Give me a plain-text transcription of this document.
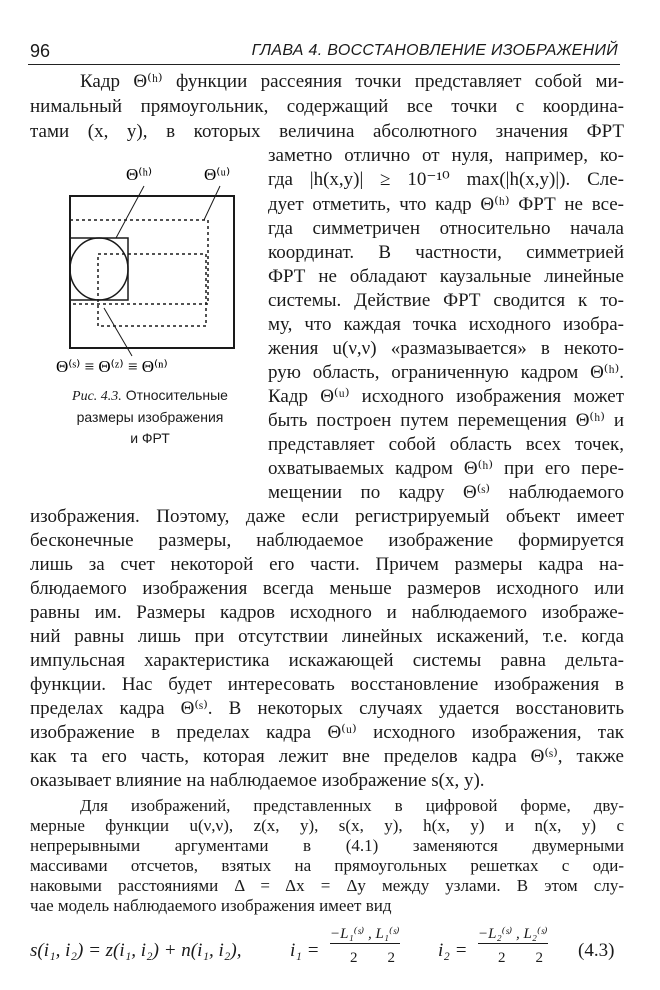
96	ГЛАВА 4. ВОССТАНОВЛЕНИЕ ИЗОБРАЖЕНИЙ
Кадр Θ⁽ʰ⁾ функции рассеяния точки представляет собой ми-
нимальный прямоугольник, содержащий все точки с координа-
тами (x, y), в которых величина абсолютного значения ФРТ
заметно отлично от нуля, например, ко-
гда |h(x,y)| ≥ 10⁻¹⁰ max(|h(x,y)|). Сле-
дует отметить, что кадр Θ⁽ʰ⁾ ФРТ не все-
гда симметричен относительно начала
координат. В частности, симметрией
ФРТ не обладают каузальные линейные
системы. Действие ФРТ сводится к то-
му, что каждая точка исходного изобра-
жения u(ν,ν) «размазывается» в некото-
рую область, ограниченную кадром Θ⁽ʰ⁾.
Кадр Θ⁽ᵘ⁾ исходного изображения может
быть построен путем перемещения Θ⁽ʰ⁾ и
представляет собой область всех точек,
охватываемых кадром Θ⁽ʰ⁾ при его пере-
мещении по кадру Θ⁽ˢ⁾ наблюдаемого
изображения. Поэтому, даже если регистрируемый объект имеет
бесконечные размеры, наблюдаемое изображение формируется
лишь за счет некоторой его части. Причем размеры кадра на-
блюдаемого изображения всегда меньше размеров исходного или
равны им. Размеры кадров исходного и наблюдаемого изображе-
ний равны лишь при отсутствии линейных искажений, т.е. когда
импульсная характеристика искажающей системы равна дельта-
функции. Нас будет интересовать восстановление изображения в
пределах кадра Θ⁽ˢ⁾. В некоторых случаях удается восстановить
изображение в пределах кадра Θ⁽ᵘ⁾ исходного изображения, так
как та его часть, которая лежит вне пределов кадра Θ⁽ˢ⁾, также
оказывает влияние на наблюдаемое изображение s(x, y).
Для изображений, представленных в цифровой форме, дву-
мерные функции u(ν,ν), z(x, y), s(x, y), h(x, y) и n(x, y) с
Θ⁽ʰ⁾	Θ⁽ᵘ⁾
Θ⁽ˢ⁾ ≡ Θ⁽ᶻ⁾ ≡ Θ⁽ⁿ⁾
Рис. 4.3. Относительные
размеры изображения
и ФРТ
непрерывными аргументами в (4.1) заменяются двумерными
s(i₁, i₂) = z(i₁, i₂) + n(i₁, i₂),	i₁ =
−L₁⁽ˢ⁾ , L₁⁽ˢ⁾
2        2 i₂ =
−L₂⁽ˢ⁾ , L₂⁽ˢ⁾
2        2 (4.3)
массивами отсчетов, взятых на прямоугольных решетках с оди-
наковыми расстояниями Δ = Δx = Δy между узлами. В этом слу-
чае модель наблюдаемого изображения имеет вид
